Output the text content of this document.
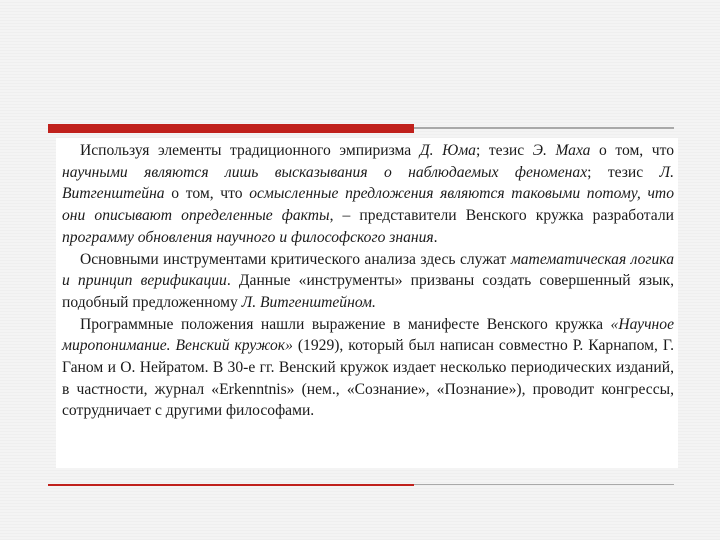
Используя элементы традиционного эмпиризма Д. Юма; тезис Э. Маха о том, что научными являются лишь высказывания о наблюдаемых феноменах; тезис Л. Витгенштейна о том, что осмысленные предложения являются таковыми потому, что они описывают определенные факты, – представители Венского кружка разработали программу обновления научного и философского знания.

Основными инструментами критического анализа здесь служат математическая логика и принцип верификации. Данные «инструменты» призваны создать совершенный язык, подобный предложенному Л. Витгенштейном.

Программные положения нашли выражение в манифесте Венского кружка «Научное миропонимание. Венский кружок» (1929), который был написан совместно Р. Карнапом, Г. Ганом и О. Нейратом. В 30-е гг. Венский кружок издает несколько периодических изданий, в частности, журнал «Erkenntnis» (нем., «Сознание», «Познание»), проводит конгрессы, сотрудничает с другими философами.
